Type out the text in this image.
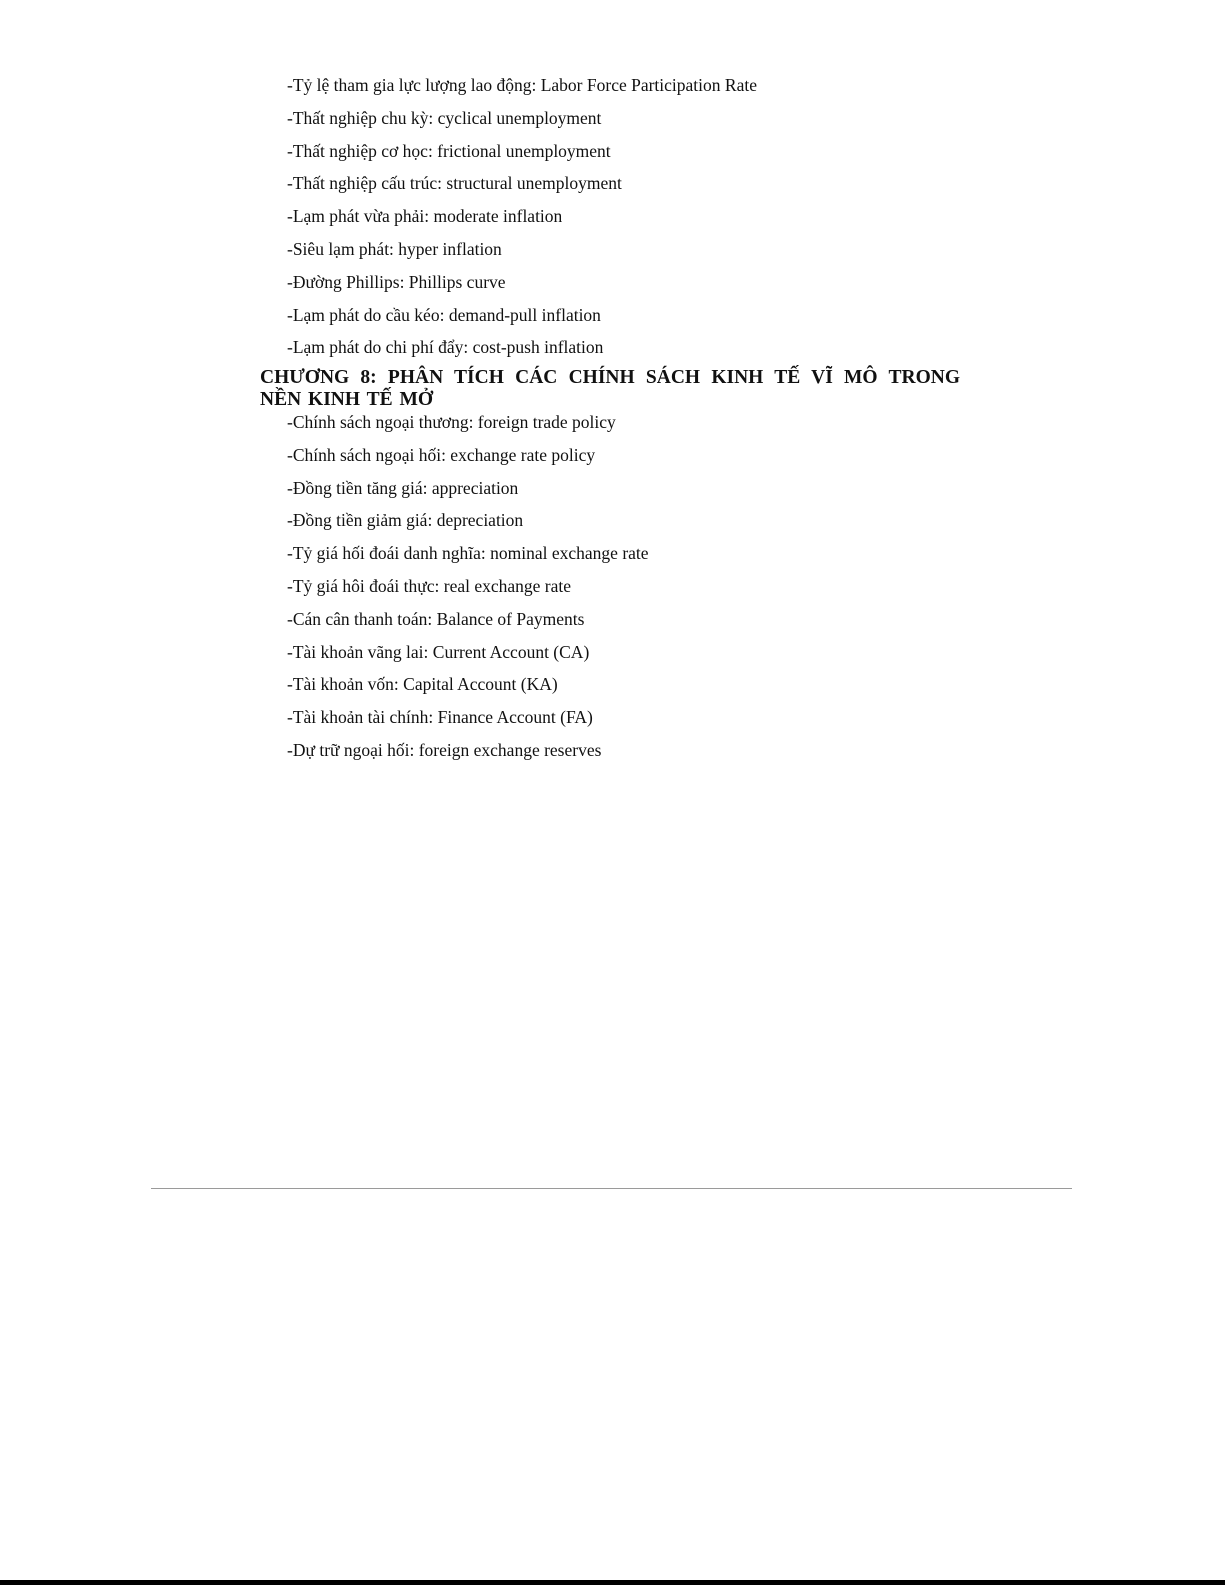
-Tỷ lệ tham gia lực lượng lao động: Labor Force Participation Rate
-Thất nghiệp chu kỳ: cyclical unemployment
-Thất nghiệp cơ học: frictional unemployment
-Thất nghiệp cấu trúc: structural unemployment
-Lạm phát vừa phải: moderate inflation
-Siêu lạm phát: hyper inflation
-Đường Phillips: Phillips curve
-Lạm phát do cầu kéo: demand-pull inflation
-Lạm phát do chi phí đẩy: cost-push inflation
CHƯƠNG 8: PHÂN TÍCH CÁC CHÍNH SÁCH KINH TẾ VĨ MÔ TRONG NỀN KINH TẾ MỞ
-Chính sách ngoại thương: foreign trade policy
-Chính sách ngoại hối: exchange rate policy
-Đồng tiền tăng giá: appreciation
-Đồng tiền giảm giá: depreciation
-Tỷ giá hối đoái danh nghĩa: nominal exchange rate
-Tỷ giá hôi đoái thực: real exchange rate
-Cán cân thanh toán: Balance of Payments
-Tài khoản vãng lai: Current Account (CA)
-Tài khoản vốn: Capital Account (KA)
-Tài khoản tài chính: Finance Account (FA)
-Dự trữ ngoại hối: foreign exchange reserves
